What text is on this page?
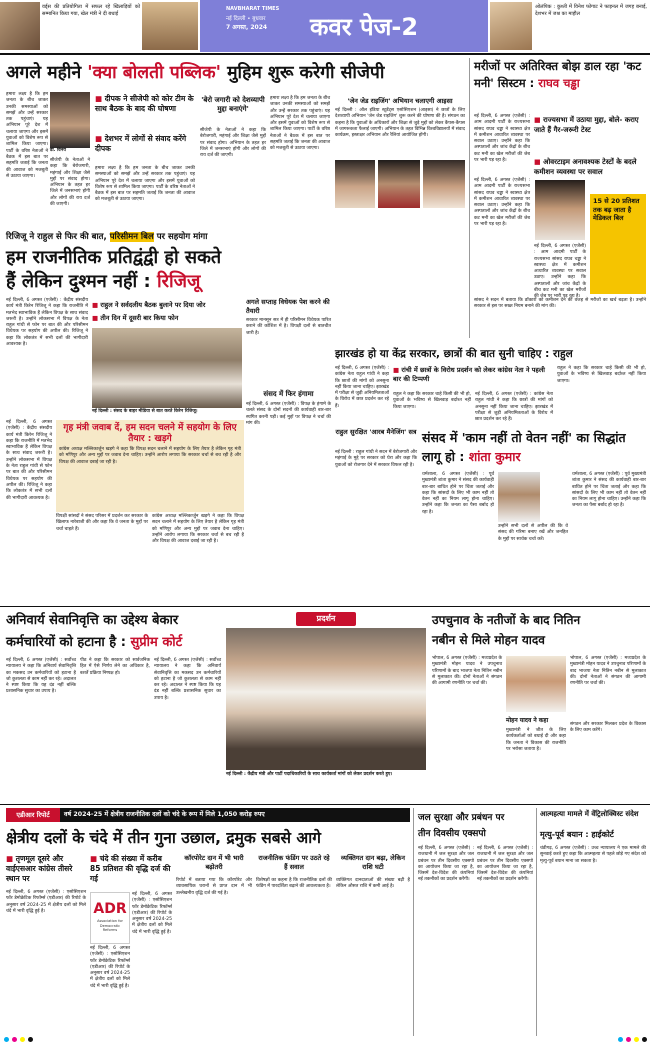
वर्ड्स की प्रतियोगिता में सफल रहे खिलाड़ियों को सम्मानित किया गया, खेल मंत्री ने दी बधाई
NAVBHARAT TIMES
नई दिल्ली • बुधवार
7 अगस्त, 2024 कवर पेज-2
ओलंपिक : कुश्ती में विनेश फोगाट ने फाइनल में जगह बनाई, देशभर में जश्न का माहौल
अगले महीने 'क्या बोलती पब्लिक' मुहिम शुरू करेगी सीजेपी
हमारा लक्ष्य है कि हम जनता के बीच जाकर उनकी समस्याओं को समझें और उन्हें सरकार तक पहुंचाएं। यह अभियान पूरे देश में चलाया जाएगा और इसमें युवाओं को विशेष रूप से शामिल किया जाएगा। पार्टी के वरिष्ठ नेताओं ने बैठक में इस बात पर सहमति जताई कि जनता की आवाज को मजबूती से उठाया जाएगा।
डॉ. विनय
सीजेपी के नेताओं ने कहा कि बेरोजगारी, महंगाई और शिक्षा जैसे मुद्दों पर संवाद होगा। अभियान के तहत हर जिले में जनसभाएं होंगी और लोगों की राय दर्ज की जाएगी।
■ दीपक ने सीजेपी को कोर टीम के साथ बैठक के बाद की घोषणा
■ देशभर में लोगों से संवाद करेंगे दीपक
हमारा लक्ष्य है कि हम जनता के बीच जाकर उनकी समस्याओं को समझें और उन्हें सरकार तक पहुंचाएं। यह अभियान पूरे देश में चलाया जाएगा और इसमें युवाओं को विशेष रूप से शामिल किया जाएगा। पार्टी के वरिष्ठ नेताओं ने बैठक में इस बात पर सहमति जताई कि जनता की आवाज को मजबूती से उठाया जाएगा।
'बेरो जगारी को देशव्यापी मुद्दा बनाएंगे'
सीजेपी के नेताओं ने कहा कि बेरोजगारी, महंगाई और शिक्षा जैसे मुद्दों पर संवाद होगा। अभियान के तहत हर जिले में जनसभाएं होंगी और लोगों की राय दर्ज की जाएगी।
हमारा लक्ष्य है कि हम जनता के बीच जाकर उनकी समस्याओं को समझें और उन्हें सरकार तक पहुंचाएं। यह अभियान पूरे देश में चलाया जाएगा और इसमें युवाओं को विशेष रूप से शामिल किया जाएगा। पार्टी के वरिष्ठ नेताओं ने बैठक में इस बात पर सहमति जताई कि जनता की आवाज को मजबूती से उठाया जाएगा।
'जेन जेड राइजिंग' अभियान चलाएगी आइसा
नई दिल्ली : ऑल इंडिया स्टूडेंट्स एसोसिएशन (आइसा) ने छात्रों के लिए देशव्यापी अभियान 'जेन जेड राइजिंग' शुरू करने की घोषणा की है। संगठन का कहना है कि युवाओं के अधिकारों और शिक्षा से जुड़े मुद्दों को लेकर कैंपस-कैंपस में जागरूकता फैलाई जाएगी। अभियान के तहत विभिन्न विश्वविद्यालयों में संवाद कार्यक्रम, हस्ताक्षर अभियान और रैलियां आयोजित होंगी।
मरीजों पर अतिरिक्त बोझ डाल रहा 'कट मनी' सिस्टम : राघव चड्ढा
नई दिल्ली, 6 अगस्त (एजेंसी) : आम आदमी पार्टी के राज्यसभा सांसद राघव चड्ढा ने स्वास्थ्य क्षेत्र में कमीशन आधारित व्यवस्था पर सवाल उठाए। उन्होंने कहा कि अस्पतालों और जांच केंद्रों के बीच कट मनी का खेल मरीजों की जेब पर भारी पड़ रहा है।
■ राज्यसभा में उठाया मुद्दा, बोले- कराए जाते हैं गैर-जरूरी टेस्ट
■ ओवरटाइम अनावश्यक टेस्टों के बदले कमीशन व्यवस्था पर सवाल
नई दिल्ली, 6 अगस्त (एजेंसी) : आम आदमी पार्टी के राज्यसभा सांसद राघव चड्ढा ने स्वास्थ्य क्षेत्र में कमीशन आधारित व्यवस्था पर सवाल उठाए। उन्होंने कहा कि अस्पतालों और जांच केंद्रों के बीच कट मनी का खेल मरीजों की जेब पर भारी पड़ रहा है।
नई दिल्ली, 6 अगस्त (एजेंसी) : आम आदमी पार्टी के राज्यसभा सांसद राघव चड्ढा ने स्वास्थ्य क्षेत्र में कमीशन आधारित व्यवस्था पर सवाल उठाए। उन्होंने कहा कि अस्पतालों और जांच केंद्रों के बीच कट मनी का खेल मरीजों की जेब पर भारी पड़ रहा है।
15 से 20 प्रतिशत तक बढ़ जाता है मेडिकल बिल
सांसद ने सदन में बताया कि डॉक्टरों को कमीशन देने की वजह से मरीजों का खर्च बढ़ता है। उन्होंने सरकार से इस पर सख्त नियम बनाने की मांग की।
रिजिजू ने राहुल से फिर की बात, परिसीमन बिल पर सहयोग मांगा
हम राजनीतिक प्रतिद्वंद्वी हो सकते
हैं लेकिन दुश्मन नहीं : रिजिजू
नई दिल्ली, 6 अगस्त (एजेंसी) : केंद्रीय संसदीय कार्य मंत्री किरेन रिजिजू ने कहा कि राजनीति में मतभेद स्वाभाविक हैं लेकिन विपक्ष के साथ संवाद जरूरी है। उन्होंने लोकसभा में विपक्ष के नेता राहुल गांधी से फोन पर बात की और परिसीमन विधेयक पर सहयोग की अपील की। रिजिजू ने कहा कि लोकतंत्र में सभी दलों की भागीदारी आवश्यक है।
■ राहुल ने सर्वदलीय बैठक बुलाने पर दिया जोर
■ तीन दिन में दूसरी बार किया फोन
नई दिल्ली : संसद के बाहर मीडिया से बात करते किरेन रिजिजू।
अगले सप्ताह विधेयक पेश करने की तैयारी
सरकार मानसून सत्र में ही परिसीमन विधेयक पारित कराने की कोशिश में है। विपक्षी दलों से बातचीत जारी है।
संसद में फिर हंगामा
नई दिल्ली, 6 अगस्त (एजेंसी) : विपक्ष के हंगामे के चलते संसद के दोनों सदनों की कार्यवाही बार-बार स्थगित करनी पड़ी। कई मुद्दों पर विपक्ष ने चर्चा की मांग की।
गृह मंत्री जवाब दें, हम सदन चलने में सहयोग के लिए तैयार : खड़गे
कांग्रेस अध्यक्ष मल्लिकार्जुन खड़गे ने कहा कि विपक्ष सदन चलाने में सहयोग के लिए तैयार है लेकिन गृह मंत्री को मणिपुर और अन्य मुद्दों पर जवाब देना चाहिए। उन्होंने आरोप लगाया कि सरकार चर्चा से बच रही है और विपक्ष की आवाज दबाई जा रही है।
नई दिल्ली, 6 अगस्त (एजेंसी) : केंद्रीय संसदीय कार्य मंत्री किरेन रिजिजू ने कहा कि राजनीति में मतभेद स्वाभाविक हैं लेकिन विपक्ष के साथ संवाद जरूरी है। उन्होंने लोकसभा में विपक्ष के नेता राहुल गांधी से फोन पर बात की और परिसीमन विधेयक पर सहयोग की अपील की। रिजिजू ने कहा कि लोकतंत्र में सभी दलों की भागीदारी आवश्यक है।
विपक्षी सांसदों ने संसद परिसर में प्रदर्शन कर सरकार के खिलाफ नारेबाजी की और कहा कि वे जनता के मुद्दों पर चर्चा चाहते हैं।
कांग्रेस अध्यक्ष मल्लिकार्जुन खड़गे ने कहा कि विपक्ष सदन चलाने में सहयोग के लिए तैयार है लेकिन गृह मंत्री को मणिपुर और अन्य मुद्दों पर जवाब देना चाहिए। उन्होंने आरोप लगाया कि सरकार चर्चा से बच रही है और विपक्ष की आवाज दबाई जा रही है।
झारखंड हो या केंद्र सरकार, छात्रों की बात सुनी चाहिए : राहुल
■ रांची में छात्रों के विरोध प्रदर्शन को लेकर कांग्रेस नेता ने पहली बार की टिप्पणी
नई दिल्ली, 6 अगस्त (एजेंसी) : कांग्रेस नेता राहुल गांधी ने कहा कि छात्रों की मांगों को अनसुना नहीं किया जाना चाहिए। झारखंड में परीक्षा से जुड़ी अनियमितताओं के विरोध में छात्र प्रदर्शन कर रहे हैं।
राहुल ने कहा कि सरकार चाहे किसी की भी हो, युवाओं के भविष्य से खिलवाड़ बर्दाश्त नहीं किया जाएगा।
नई दिल्ली, 6 अगस्त (एजेंसी) : कांग्रेस नेता राहुल गांधी ने कहा कि छात्रों की मांगों को अनसुना नहीं किया जाना चाहिए। झारखंड में परीक्षा से जुड़ी अनियमितताओं के विरोध में छात्र प्रदर्शन कर रहे हैं।
राहुल ने कहा कि सरकार चाहे किसी की भी हो, युवाओं के भविष्य से खिलवाड़ बर्दाश्त नहीं किया जाएगा।
राहुल सुरक्षित 'आरब मैनेजिंग' सत्र
नई दिल्ली : राहुल गांधी ने सदन में बेरोजगारी और महंगाई के मुद्दे पर सरकार को घेरा और कहा कि युवाओं को रोजगार देने में सरकार विफल रही है।
संसद में 'काम नहीं तो वेतन नहीं' का सिद्धांत लागू हो : शांता कुमार
धर्मशाला, 6 अगस्त (एजेंसी) : पूर्व मुख्यमंत्री शांता कुमार ने संसद की कार्यवाही बार-बार बाधित होने पर चिंता जताई और कहा कि सांसदों के लिए भी काम नहीं तो वेतन नहीं का नियम लागू होना चाहिए। उन्होंने कहा कि जनता का पैसा बर्बाद हो रहा है।
उन्होंने सभी दलों से अपील की कि वे संसद की गरिमा बनाए रखें और जनहित के मुद्दों पर सार्थक चर्चा करें।
धर्मशाला, 6 अगस्त (एजेंसी) : पूर्व मुख्यमंत्री शांता कुमार ने संसद की कार्यवाही बार-बार बाधित होने पर चिंता जताई और कहा कि सांसदों के लिए भी काम नहीं तो वेतन नहीं का नियम लागू होना चाहिए। उन्होंने कहा कि जनता का पैसा बर्बाद हो रहा है।
अनिवार्य सेवानिवृत्ति का उद्देश्य बेकार
कर्मचारियों को हटाना है : सुप्रीम कोर्ट
नई दिल्ली, 6 अगस्त (एजेंसी) : सर्वोच्च न्यायालय ने कहा कि अनिवार्य सेवानिवृत्ति का मकसद उन कर्मचारियों को हटाना है जो कुशलता से काम नहीं कर रहे। अदालत ने स्पष्ट किया कि यह दंड नहीं बल्कि प्रशासनिक सुधार का उपाय है।
पीठ ने कहा कि सरकार को सार्वजनिक हित में ऐसे निर्णय लेने का अधिकार है, बशर्ते प्रक्रिया निष्पक्ष हो।
नई दिल्ली, 6 अगस्त (एजेंसी) : सर्वोच्च न्यायालय ने कहा कि अनिवार्य सेवानिवृत्ति का मकसद उन कर्मचारियों को हटाना है जो कुशलता से काम नहीं कर रहे। अदालत ने स्पष्ट किया कि यह दंड नहीं बल्कि प्रशासनिक सुधार का उपाय है।
प्रदर्शन
नई दिल्ली : केंद्रीय मंत्री और पार्टी पदाधिकारियों के साथ कार्यकर्ता मांगों को लेकर प्रदर्शन करते हुए।
उपचुनाव के नतीजों के बाद नितिन
नबीन से मिले मोहन यादव
भोपाल, 6 अगस्त (एजेंसी) : मध्यप्रदेश के मुख्यमंत्री मोहन यादव ने उपचुनाव परिणामों के बाद भाजपा नेता नितिन नबीन से मुलाकात की। दोनों नेताओं ने संगठन की आगामी रणनीति पर चर्चा की।
मोहन यादव ने कहा
मुख्यमंत्री ने जीत के लिए कार्यकर्ताओं को बधाई दी और कहा कि जनता ने विकास की राजनीति पर भरोसा जताया है।
भोपाल, 6 अगस्त (एजेंसी) : मध्यप्रदेश के मुख्यमंत्री मोहन यादव ने उपचुनाव परिणामों के बाद भाजपा नेता नितिन नबीन से मुलाकात की। दोनों नेताओं ने संगठन की आगामी रणनीति पर चर्चा की।
संगठन और सरकार मिलकर प्रदेश के विकास के लिए काम करेंगे।
एडीआर रिपोर्ट	वर्ष 2024-25 में क्षेत्रीय राजनीतिक दलों को चंदे के रूप में मिले 1,050 करोड़ रुपए
क्षेत्रीय दलों के चंदे में तीन गुना उछाल, द्रमुक सबसे आगे
■ तृणमूल दूसरे और वाईएसआर कांग्रेस तीसरे स्थान पर
नई दिल्ली, 6 अगस्त (एजेंसी) : एसोसिएशन फॉर डेमोक्रेटिक रिफॉर्म्स (एडीआर) की रिपोर्ट के अनुसार वर्ष 2024-25 में क्षेत्रीय दलों को मिले चंदे में भारी वृद्धि हुई है।
■ चंदे की संख्या में करीब 85 प्रतिशत की वृद्धि दर्ज की गई
ADR
Association for Democratic Reforms
नई दिल्ली, 6 अगस्त (एजेंसी) : एसोसिएशन फॉर डेमोक्रेटिक रिफॉर्म्स (एडीआर) की रिपोर्ट के अनुसार वर्ष 2024-25 में क्षेत्रीय दलों को मिले चंदे में भारी वृद्धि हुई है।
नई दिल्ली, 6 अगस्त (एजेंसी) : एसोसिएशन फॉर डेमोक्रेटिक रिफॉर्म्स (एडीआर) की रिपोर्ट के अनुसार वर्ष 2024-25 में क्षेत्रीय दलों को मिले चंदे में भारी वृद्धि हुई है।
कॉरपोरेट दान में भी भारी बढ़ोतरी
रिपोर्ट में बताया गया कि कॉरपोरेट और व्यावसायिक घरानों से प्राप्त दान में भी उल्लेखनीय वृद्धि दर्ज की गई है।
राजनीतिक फंडिंग पर उठते रहे हैं सवाल
विशेषज्ञों का कहना है कि राजनीतिक दलों की फंडिंग में पारदर्शिता बढ़ाने की आवश्यकता है।
व्यक्तिगत दान बढ़ा, लेकिन राशि घटी
व्यक्तिगत दानदाताओं की संख्या बढ़ी है लेकिन औसत राशि में कमी आई है।
जल सुरक्षा और प्रबंधन पर
तीन दिवसीय एक्सपो
नई दिल्ली, 6 अगस्त (एजेंसी) : राजधानी में जल सुरक्षा और जल प्रबंधन पर तीन दिवसीय एक्सपो का आयोजन किया जा रहा है, जिसमें देश-विदेश की कंपनियां नई तकनीकों का प्रदर्शन करेंगी।
नई दिल्ली, 6 अगस्त (एजेंसी) : राजधानी में जल सुरक्षा और जल प्रबंधन पर तीन दिवसीय एक्सपो का आयोजन किया जा रहा है, जिसमें देश-विदेश की कंपनियां नई तकनीकों का प्रदर्शन करेंगी।
आत्महत्या मामले में वेंट्रिलोक्विस्ट संदेश
मृत्यु-पूर्व बयान : हाईकोर्ट
चंडीगढ़, 6 अगस्त (एजेंसी) : उच्च न्यायालय ने एक मामले की सुनवाई करते हुए कहा कि आत्महत्या से पहले छोड़े गए संदेश को मृत्यु-पूर्व बयान माना जा सकता है।
